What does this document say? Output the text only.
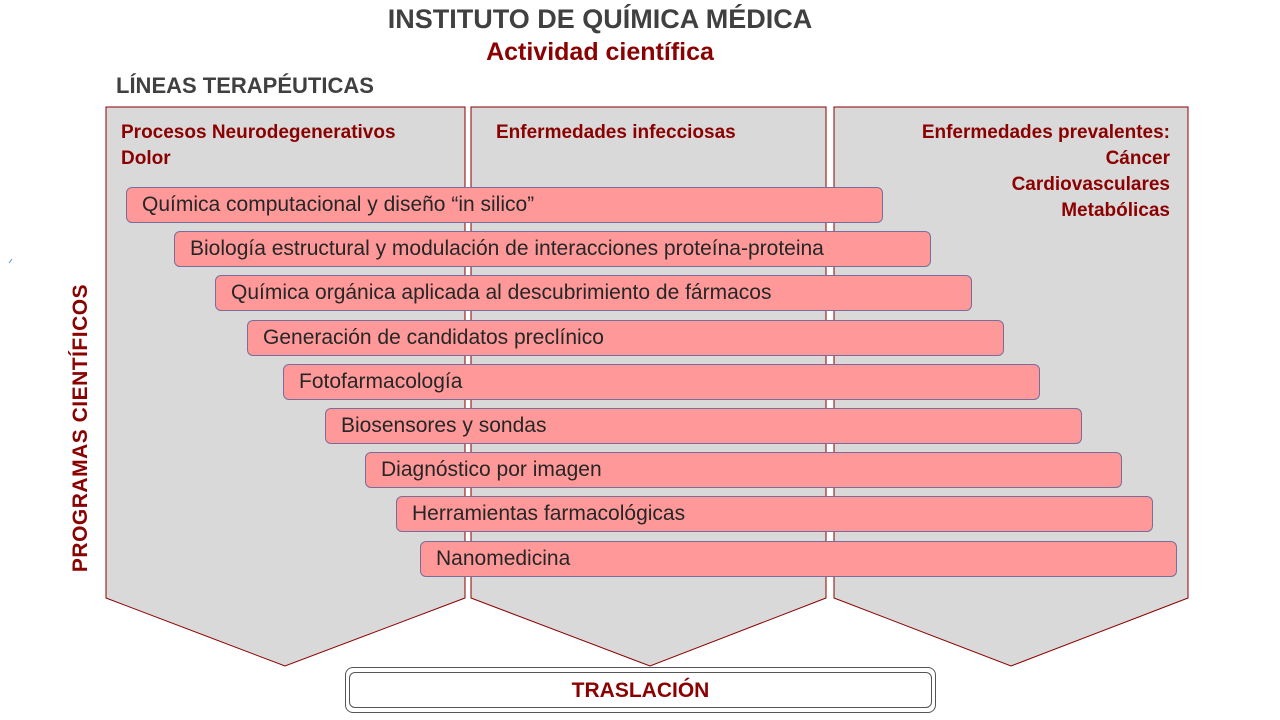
INSTITUTO DE QUÍMICA MÉDICA
Actividad científica
LÍNEAS TERAPÉUTICAS
Procesos Neurodegenerativos
Dolor
Enfermedades infecciosas	Enfermedades prevalentes:
Cáncer
Cardiovasculares
Metabólicas
Química computacional y diseño “in silico”
Biología estructural y modulación de interacciones proteína-proteina
Química orgánica aplicada al descubrimiento de fármacos
Generación de candidatos preclínico
Fotofarmacología
Biosensores y sondas
Diagnóstico por imagen
Herramientas farmacológicas
Nanomedicina
PROGRAMAS CIENTÍFICOS
TRASLACIÓN
